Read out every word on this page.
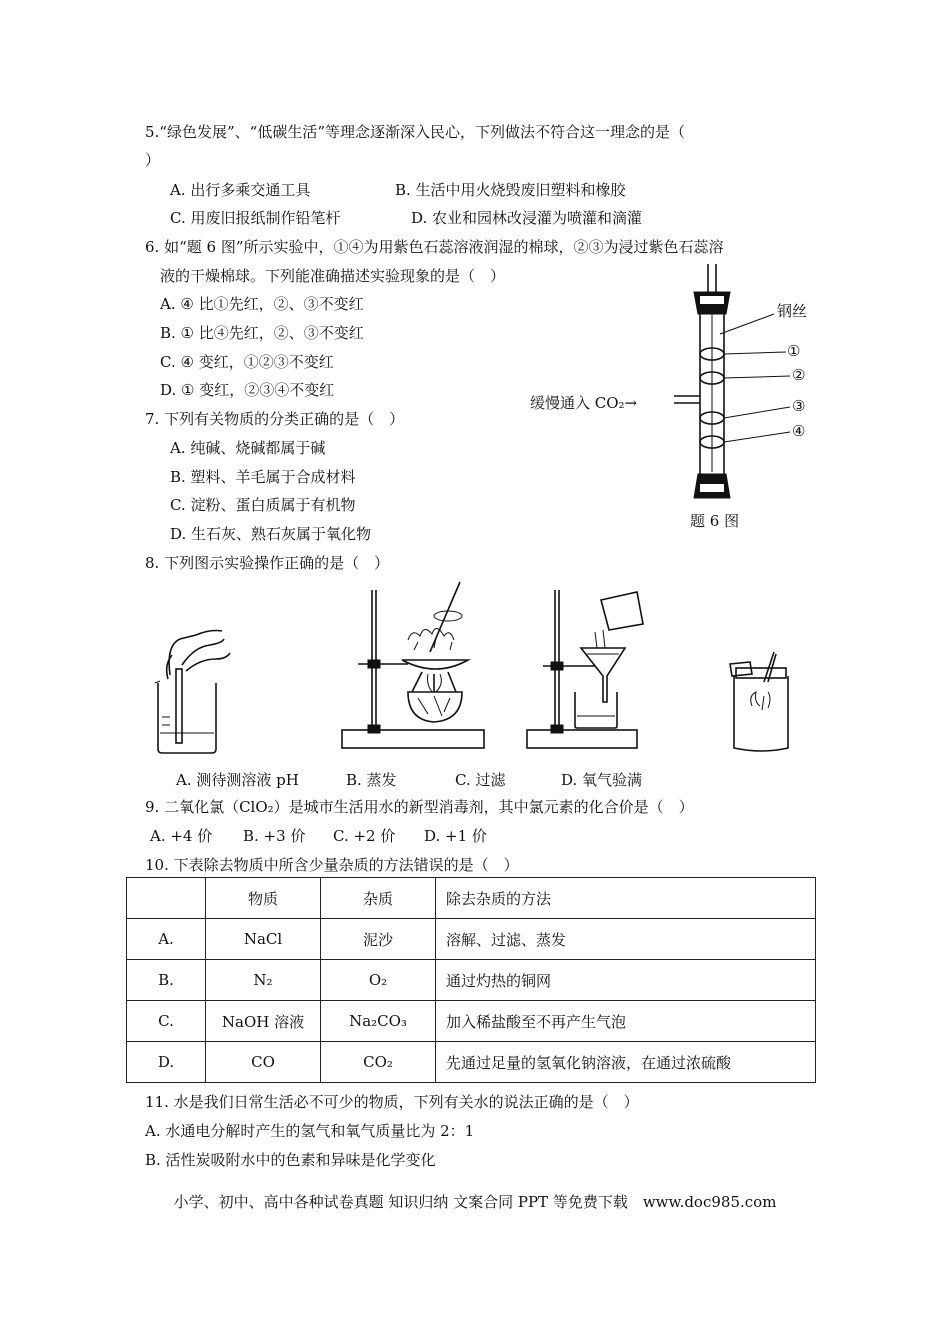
5.“绿色发展”、“低碳生活”等理念逐渐深入民心，下列做法不符合这一理念的是（
）
A. 出行多乘交通工具	B. 生活中用火烧毁废旧塑料和橡胶
C. 用废旧报纸制作铅笔杆	D. 农业和园林改浸灌为喷灌和滴灌
6. 如“题 6 图”所示实验中，①④为用紫色石蕊溶液润湿的棉球，②③为浸过紫色石蕊溶
液的干燥棉球。下列能准确描述实验现象的是（　）
A. ④ 比①先红，②、③不变红
B. ① 比④先红，②、③不变红
C. ④ 变红，①②③不变红
D. ① 变红，②③④不变红
钢丝
①
②
③
④
缓慢通入 CO₂→
题 6 图
7. 下列有关物质的分类正确的是（　）
A. 纯碱、烧碱都属于碱
B. 塑料、羊毛属于合成材料
C. 淀粉、蛋白质属于有机物
D. 生石灰、熟石灰属于氧化物
8. 下列图示实验操作正确的是（　）
A. 测待测溶液 pH	B. 蒸发	C. 过滤	D. 氧气验满
9. 二氧化氯（ClO₂）是城市生活用水的新型消毒剂，其中氯元素的化合价是（　）
A. +4 价 B. +3 价 C. +2 价 D. +1 价
10. 下表除去物质中所含少量杂质的方法错误的是（　）
	物质	杂质	除去杂质的方法
A.	NaCl	泥沙	溶解、过滤、蒸发
B.	N₂	O₂	通过灼热的铜网
C.	NaOH 溶液	Na₂CO₃	加入稀盐酸至不再产生气泡
D.	CO	CO₂	先通过足量的氢氧化钠溶液，在通过浓硫酸
11. 水是我们日常生活必不可少的物质，下列有关水的说法正确的是（　）
A. 水通电分解时产生的氢气和氧气质量比为 2：1
B. 活性炭吸附水中的色素和异味是化学变化
小学、初中、高中各种试卷真题 知识归纳 文案合同 PPT 等免费下载　www.doc985.com
